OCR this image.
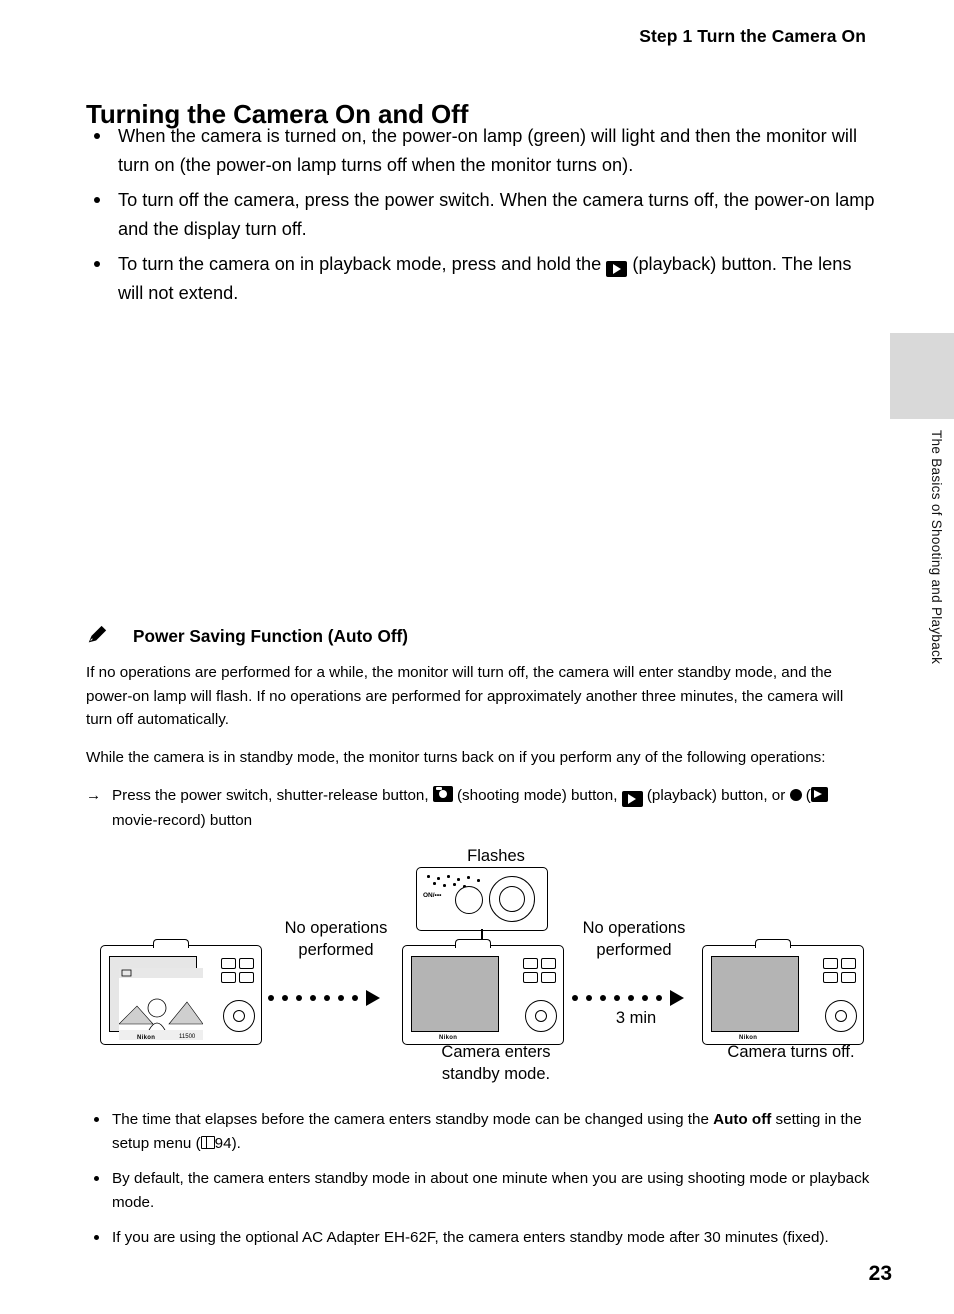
Step 1 Turn the Camera On
The Basics of Shooting and Playback
Turning the Camera On and Off
When the camera is turned on, the power-on lamp (green) will light and then the monitor will turn on (the power-on lamp turns off when the monitor turns on).
To turn off the camera, press the power switch. When the camera turns off, the power-on lamp and the display turn off.
To turn the camera on in playback mode, press and hold the  (playback) button. The lens will not extend.
Power Saving Function (Auto Off)

If no operations are performed for a while, the monitor will turn off, the camera will enter standby mode, and the power-on lamp will flash. If no operations are performed for approximately another three minutes, the camera will turn off automatically.

While the camera is in standby mode, the monitor turns back on if you perform any of the following operations:

→ Press the power switch, shutter-release button,  (shooting mode) button,  (playback) button, or  ( movie-record) button

Flashes
ON/•••
No operations
performed
No operations
performed
3 min
11500
Nikon	Nikon	Nikon
Camera enters
standby mode.
Camera turns off.
The time that elapses before the camera enters standby mode can be changed using the Auto off setting in the setup menu ( 94).
By default, the camera enters standby mode in about one minute when you are using shooting mode or playback mode.
If you are using the optional AC Adapter EH-62F, the camera enters standby mode after 30 minutes (fixed).
23
